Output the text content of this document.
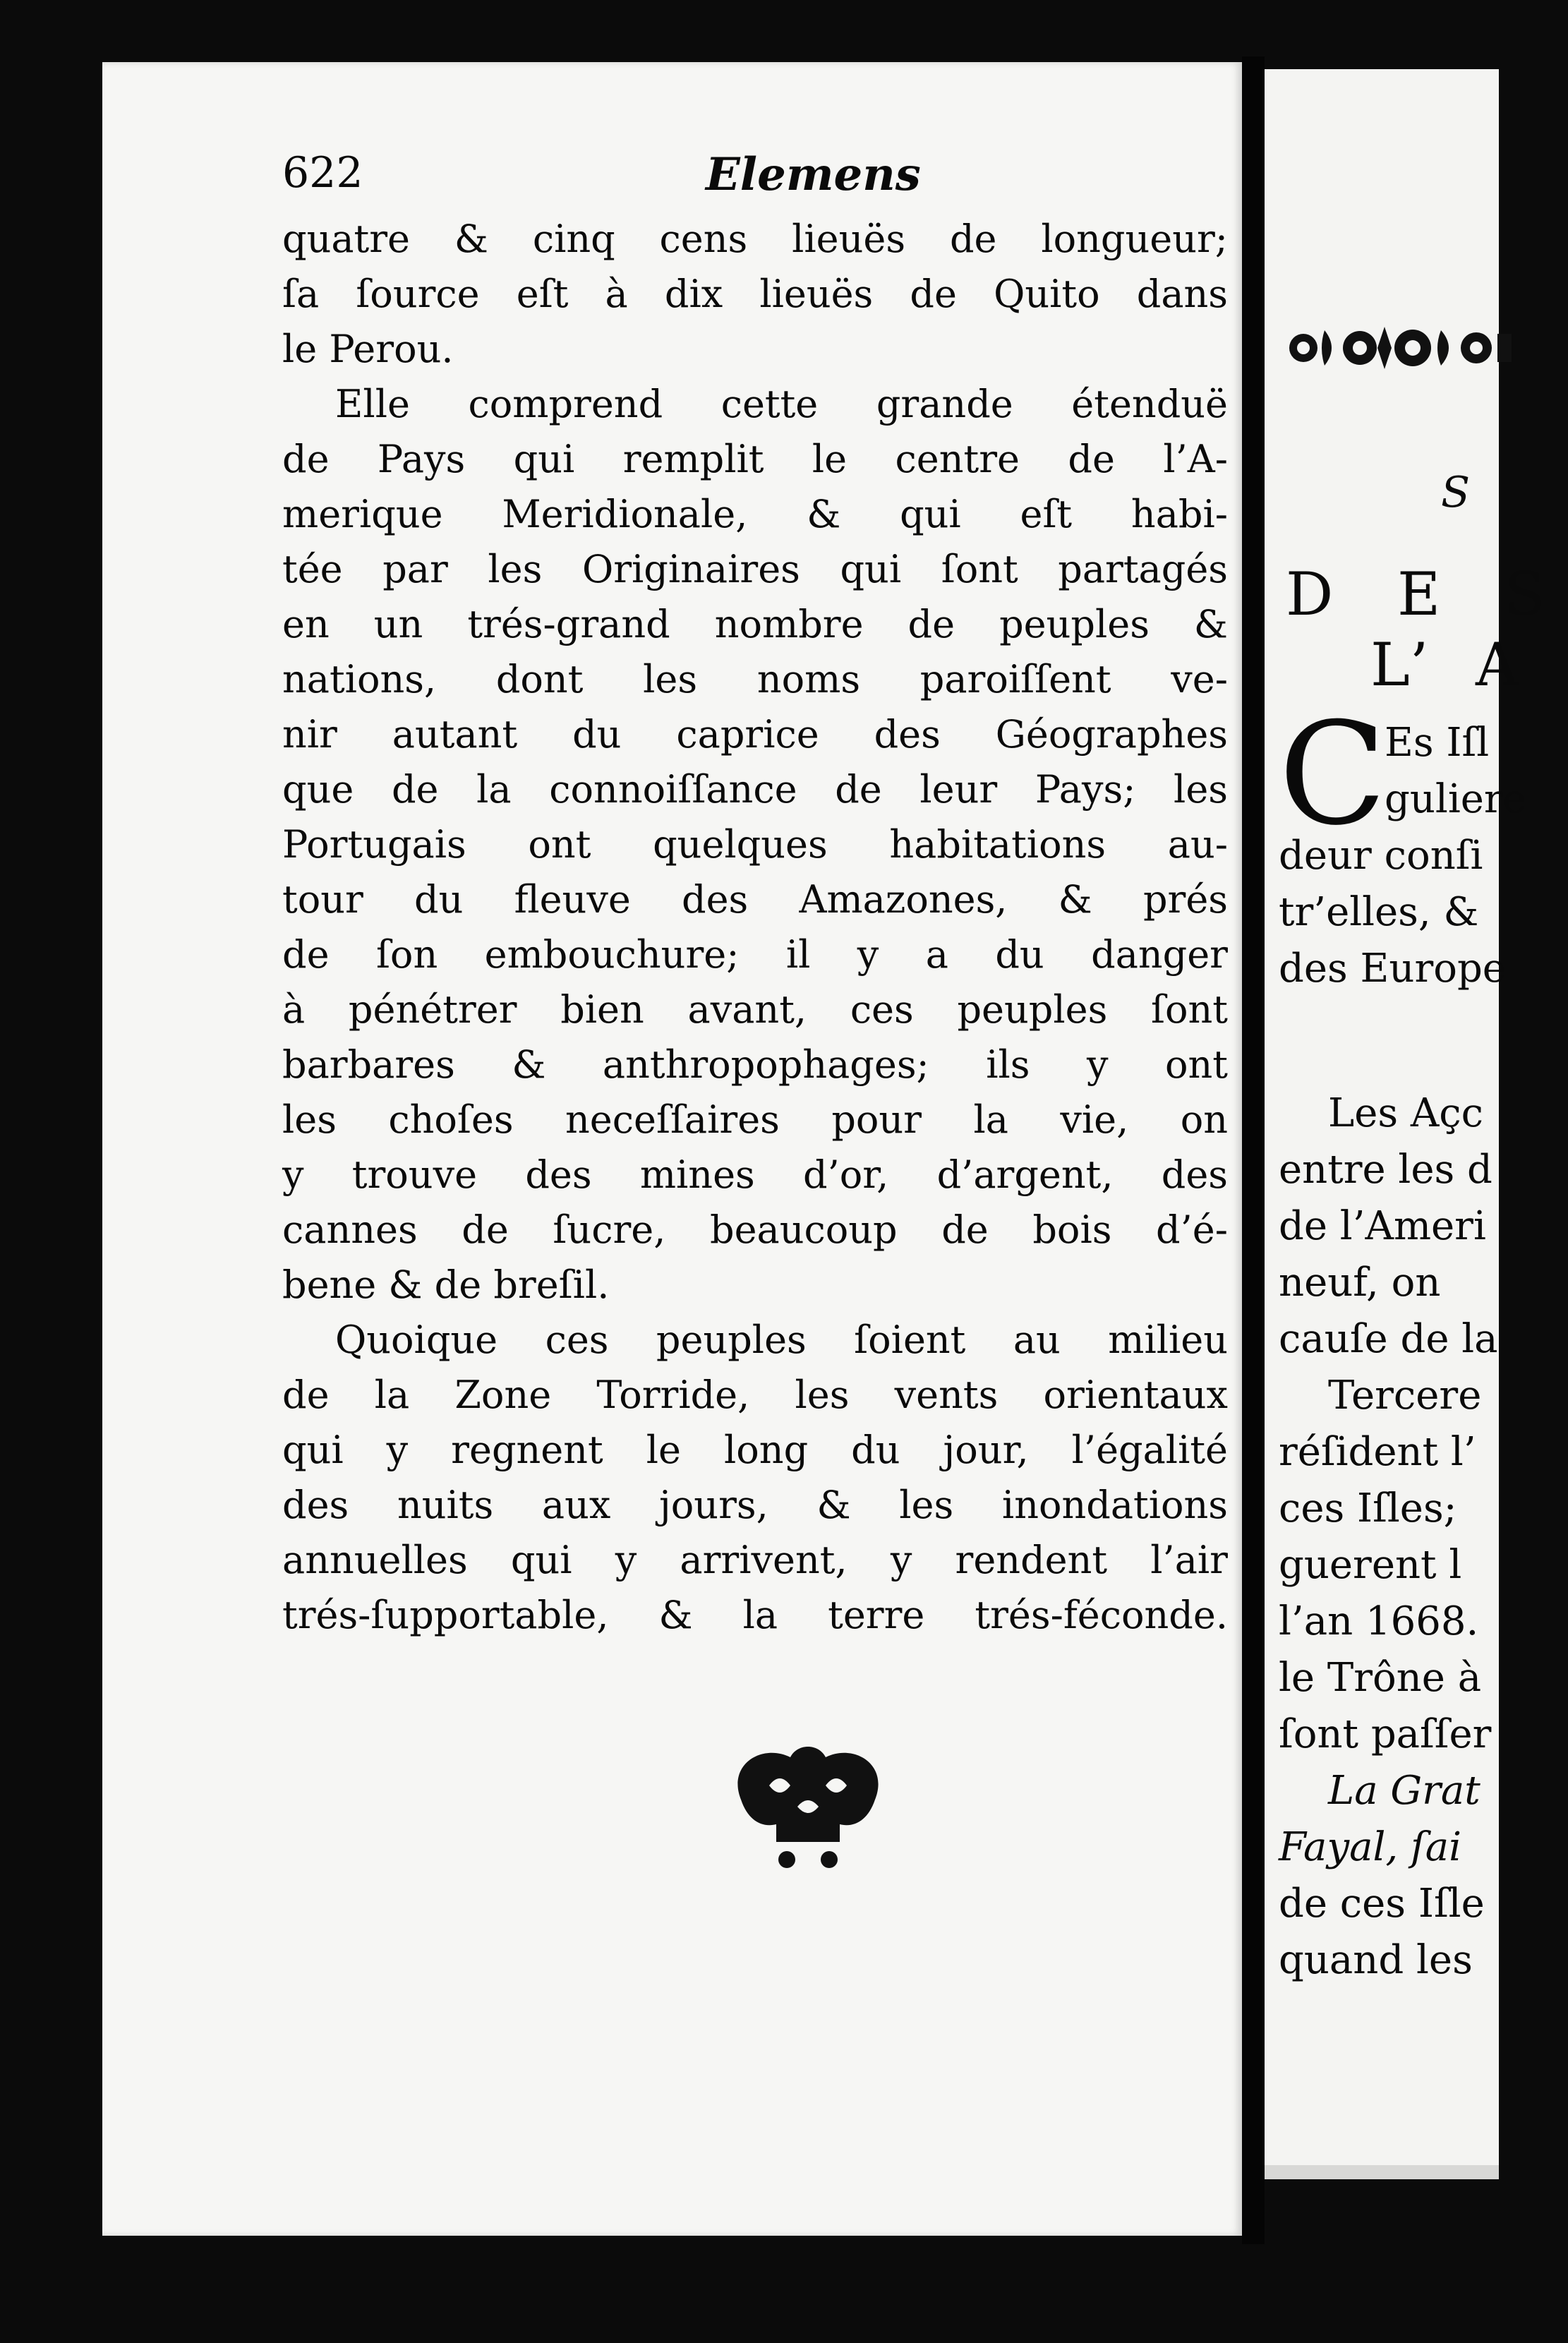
S
D E S
L’ A
C
Es Iſl
guliere
deur conſi
tr’elles, &
des Europe
Les Açc
entre les d
de l’Ameri
neuf, on
cauſe de la
Tercere
réſident l’
ces Iſles;
guerent l
l’an 1668.
le Trône à
ſont paſſer
La Grat
Fayal, ſai
de ces Iſle
quand les
622	Elemens
quatre & cinq cens lieuës de longueur;
ſa ſource eſt à dix lieuës de Quito dans
le Perou.
Elle comprend cette grande étenduë
de Pays qui remplit le centre de l’A-
merique Meridionale, & qui eſt habi-
tée par les Originaires qui ſont partagés
en un trés-grand nombre de peuples &
nations, dont les noms paroiſſent ve-
nir autant du caprice des Géographes
que de la connoiſſance de leur Pays; les
Portugais ont quelques habitations au-
tour du fleuve des Amazones, & prés
de ſon embouchure; il y a du danger
à pénétrer bien avant, ces peuples ſont
barbares & anthropophages; ils y ont
les choſes neceſſaires pour la vie, on
y trouve des mines d’or, d’argent, des
cannes de ſucre, beaucoup de bois d’é-
bene & de breſil.
Quoique ces peuples ſoient au milieu
de la Zone Torride, les vents orientaux
qui y regnent le long du jour, l’égalité
des nuits aux jours, & les inondations
annuelles qui y arrivent, y rendent l’air
trés-ſupportable, & la terre trés-féconde.
